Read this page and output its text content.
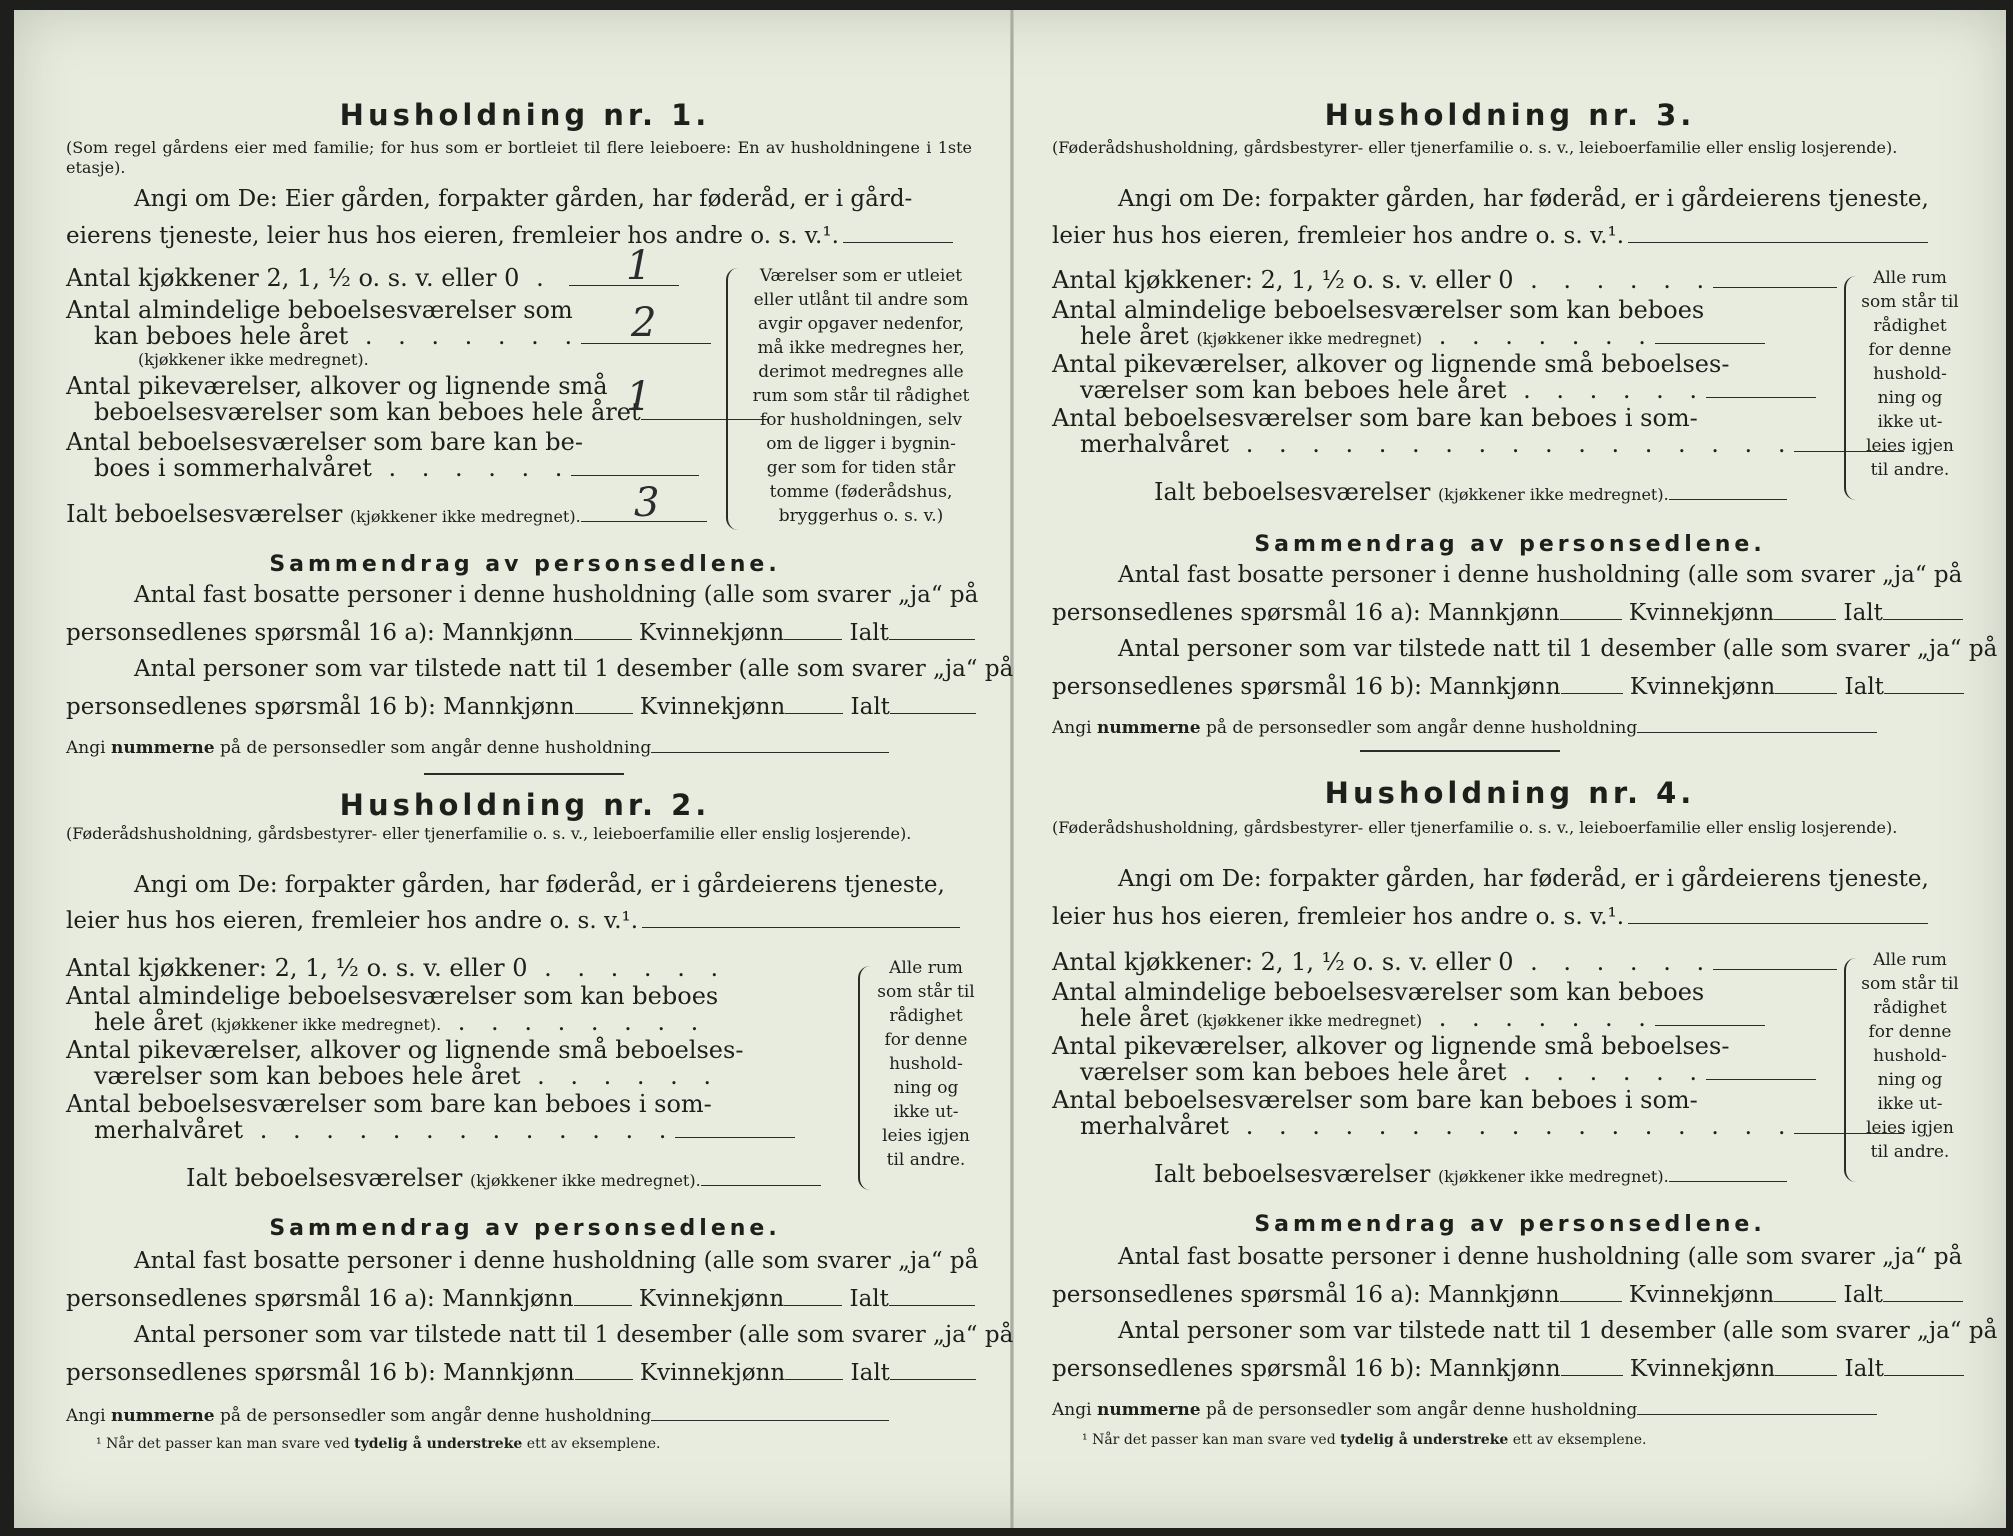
Husholdning nr. 1.
(Som regel gårdens eier med familie; for hus som er bortleiet til flere leieboere: En av husholdningene i 1ste etasje).
Angi om De: Eier gården, forpakter gården, har føderåd, er i gård-
eierens tjeneste, leier hus hos eieren, fremleier hos andre o. s. v.¹.
Antal kjøkkener 2, 1, ½ o. s. v. eller 0 .	1
Antal almindelige beboelsesværelser som
kan beboes hele året . . . . . . .	2
(kjøkkener ikke medregnet).
Antal pikeværelser, alkover og lignende små
beboelsesværelser som kan beboes hele året
1
Antal beboelsesværelser som bare kan be-
boes i sommerhalvåret . . . . . .
Ialt beboelsesværelser (kjøkkener ikke medregnet).	3
Værelser som er utleiet
eller utlånt til andre som
avgir opgaver nedenfor,
må ikke medregnes her,
derimot medregnes alle
rum som står til rådighet
for husholdningen, selv
om de ligger i bygnin-
ger som for tiden står
tomme (føderådshus,
bryggerhus o. s. v.)
Sammendrag av personsedlene.
Antal fast bosatte personer i denne husholdning (alle som svarer „ja“ på
personsedlenes spørsmål 16 a): Mannkjønn	Kvinnekjønn	Ialt
Antal personer som var tilstede natt til 1 desember (alle som svarer „ja“ på
personsedlenes spørsmål 16 b): Mannkjønn	Kvinnekjønn	Ialt
Angi nummerne på de personsedler som angår denne husholdning
Husholdning nr. 2.
(Føderådshusholdning, gårdsbestyrer- eller tjenerfamilie o. s. v., leieboerfamilie eller enslig losjerende).
Angi om De: forpakter gården, har føderåd, er i gårdeierens tjeneste,
leier hus hos eieren, fremleier hos andre o. s. v.¹.
Antal kjøkkener: 2, 1, ½ o. s. v. eller 0 . . . . . .
Antal almindelige beboelsesværelser som kan beboes
hele året (kjøkkener ikke medregnet). . . . . . . . .
Antal pikeværelser, alkover og lignende små beboelses-
værelser som kan beboes hele året . . . . . .
Antal beboelsesværelser som bare kan beboes i som-
merhalvåret . . . . . . . . . . . . .
Ialt beboelsesværelser (kjøkkener ikke medregnet).
Alle rum
som står til
rådighet
for denne
hushold-
ning og
ikke ut-
leies igjen
til andre.
Sammendrag av personsedlene.
Antal fast bosatte personer i denne husholdning (alle som svarer „ja“ på
personsedlenes spørsmål 16 a): Mannkjønn	Kvinnekjønn	Ialt
Antal personer som var tilstede natt til 1 desember (alle som svarer „ja“ på
personsedlenes spørsmål 16 b): Mannkjønn	Kvinnekjønn	Ialt
Angi nummerne på de personsedler som angår denne husholdning
¹ Når det passer kan man svare ved tydelig å understreke ett av eksemplene.
Husholdning nr. 3.
(Føderådshusholdning, gårdsbestyrer- eller tjenerfamilie o. s. v., leieboerfamilie eller enslig losjerende).
Angi om De: forpakter gården, har føderåd, er i gårdeierens tjeneste,
leier hus hos eieren, fremleier hos andre o. s. v.¹.
Antal kjøkkener: 2, 1, ½ o. s. v. eller 0 . . . . . .
Antal almindelige beboelsesværelser som kan beboes
hele året (kjøkkener ikke medregnet) . . . . . . .
Antal pikeværelser, alkover og lignende små beboelses-
værelser som kan beboes hele året . . . . . .
Antal beboelsesværelser som bare kan beboes i som-
merhalvåret . . . . . . . . . . . . . . . . .
Ialt beboelsesværelser (kjøkkener ikke medregnet).
Alle rum
som står til
rådighet
for denne
hushold-
ning og
ikke ut-
leies igjen
til andre.
Sammendrag av personsedlene.
Antal fast bosatte personer i denne husholdning (alle som svarer „ja“ på
personsedlenes spørsmål 16 a): Mannkjønn	Kvinnekjønn	Ialt
Antal personer som var tilstede natt til 1 desember (alle som svarer „ja“ på
personsedlenes spørsmål 16 b): Mannkjønn	Kvinnekjønn	Ialt
Angi nummerne på de personsedler som angår denne husholdning
Husholdning nr. 4.
(Føderådshusholdning, gårdsbestyrer- eller tjenerfamilie o. s. v., leieboerfamilie eller enslig losjerende).
Angi om De: forpakter gården, har føderåd, er i gårdeierens tjeneste,
leier hus hos eieren, fremleier hos andre o. s. v.¹.
Antal kjøkkener: 2, 1, ½ o. s. v. eller 0 . . . . . .
Antal almindelige beboelsesværelser som kan beboes
hele året (kjøkkener ikke medregnet) . . . . . . .
Antal pikeværelser, alkover og lignende små beboelses-
værelser som kan beboes hele året . . . . . .
Antal beboelsesværelser som bare kan beboes i som-
merhalvåret . . . . . . . . . . . . . . . . .
Ialt beboelsesværelser (kjøkkener ikke medregnet).
Alle rum
som står til
rådighet
for denne
hushold-
ning og
ikke ut-
leies igjen
til andre.
Sammendrag av personsedlene.
Antal fast bosatte personer i denne husholdning (alle som svarer „ja“ på
personsedlenes spørsmål 16 a): Mannkjønn	Kvinnekjønn	Ialt
Antal personer som var tilstede natt til 1 desember (alle som svarer „ja“ på
personsedlenes spørsmål 16 b): Mannkjønn	Kvinnekjønn	Ialt
Angi nummerne på de personsedler som angår denne husholdning
¹ Når det passer kan man svare ved tydelig å understreke ett av eksemplene.
